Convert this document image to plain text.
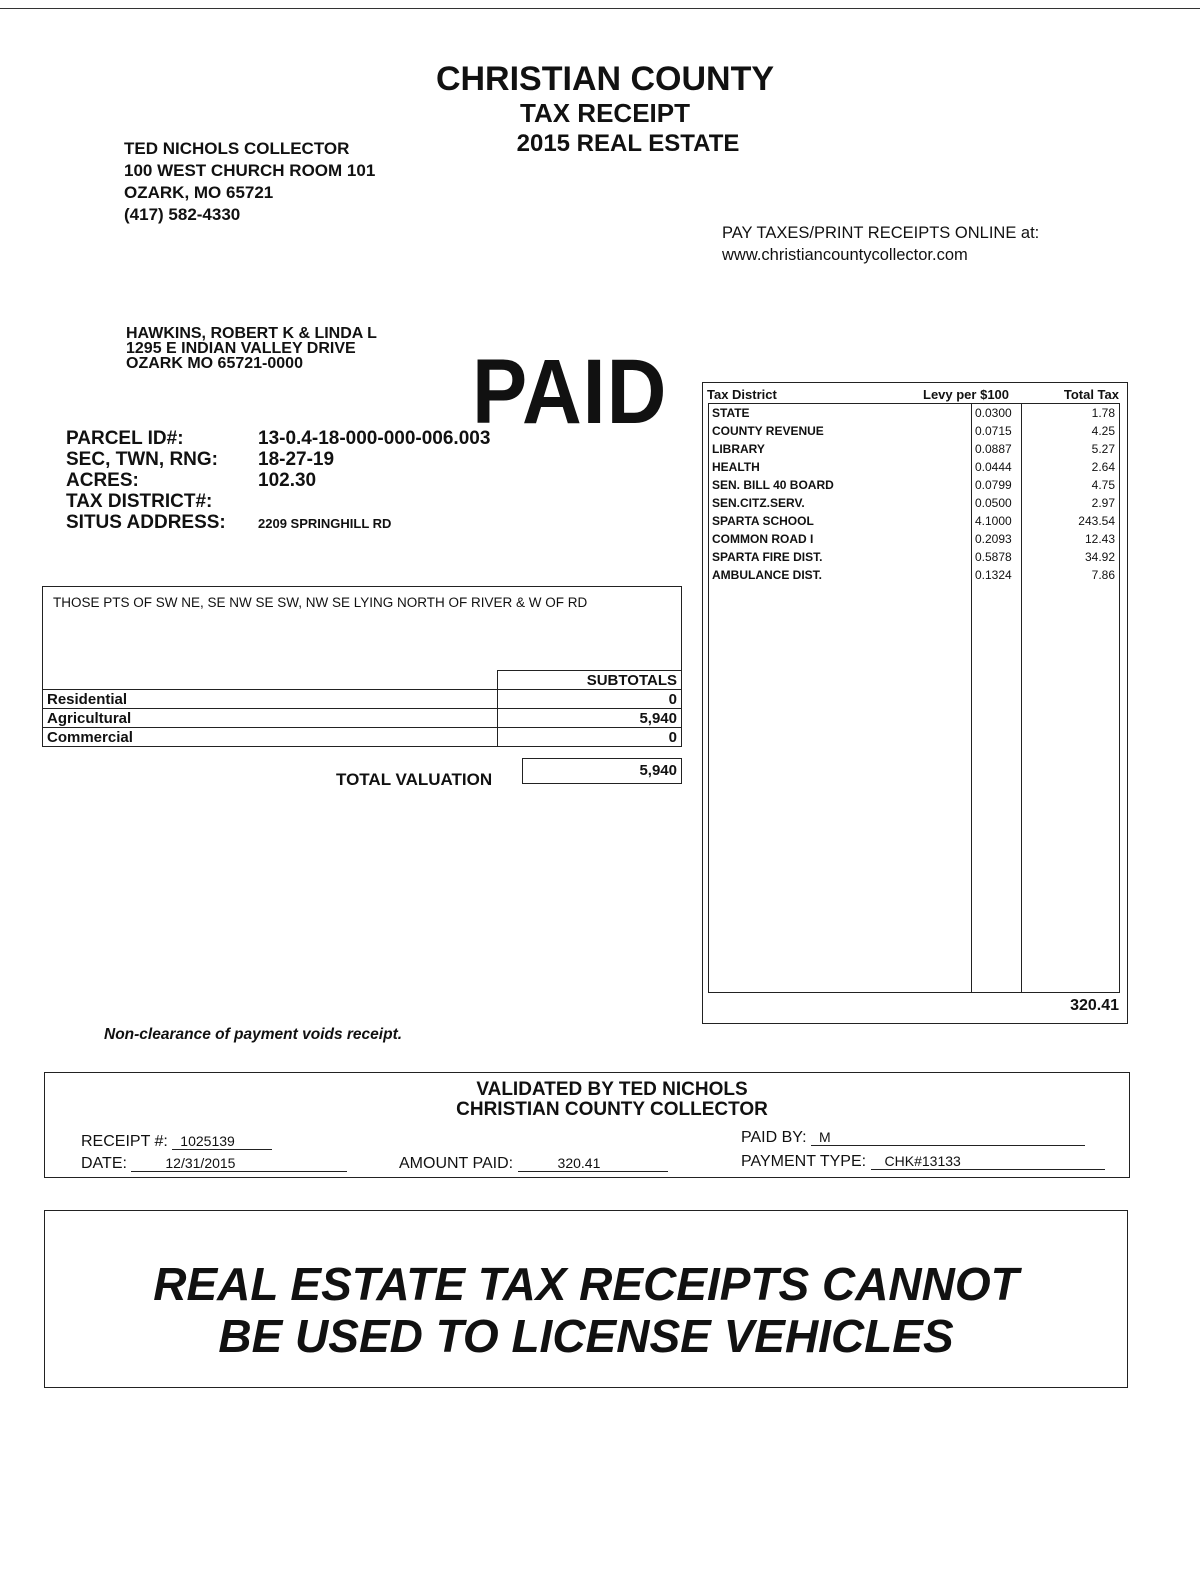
CHRISTIAN COUNTY
TAX RECEIPT
2015 REAL ESTATE
TED NICHOLS COLLECTOR
100 WEST CHURCH ROOM 101
OZARK, MO 65721
(417) 582-4330
PAY TAXES/PRINT RECEIPTS ONLINE at:
www.christiancountycollector.com
HAWKINS, ROBERT K & LINDA L
1295 E INDIAN VALLEY DRIVE
OZARK MO 65721-0000	PAID
PARCEL ID#:	13-0.4-18-000-000-006.003
SEC, TWN, RNG: 18-27-19
ACRES:	102.30
TAX DISTRICT#:
SITUS ADDRESS: 2209 SPRINGHILL RD
THOSE PTS OF SW NE, SE NW SE SW, NW SE LYING NORTH OF RIVER & W OF RD
	SUBTOTALS
Residential	0
Agricultural	5,940
Commercial	0
TOTAL VALUATION	5,940
Tax District	Levy per $100	Total Tax
STATE	0.0300	1.78
COUNTY REVENUE	0.0715	4.25
LIBRARY	0.0887	5.27
HEALTH	0.0444	2.64
SEN. BILL 40 BOARD	0.0799	4.75
SEN.CITZ.SERV.	0.0500	2.97
SPARTA SCHOOL	4.1000	243.54
COMMON ROAD I	0.2093	12.43
SPARTA FIRE DIST.	0.5878	34.92
AMBULANCE DIST.	0.1324	7.86
320.41
Non-clearance of payment voids receipt.
VALIDATED BY TED NICHOLS
CHRISTIAN COUNTY COLLECTOR
RECEIPT #: 1025139	PAID BY: M
DATE:	12/31/2015	AMOUNT PAID:	320.41	PAYMENT TYPE: CHK#13133
REAL ESTATE TAX RECEIPTS CANNOT
BE USED TO LICENSE VEHICLES
